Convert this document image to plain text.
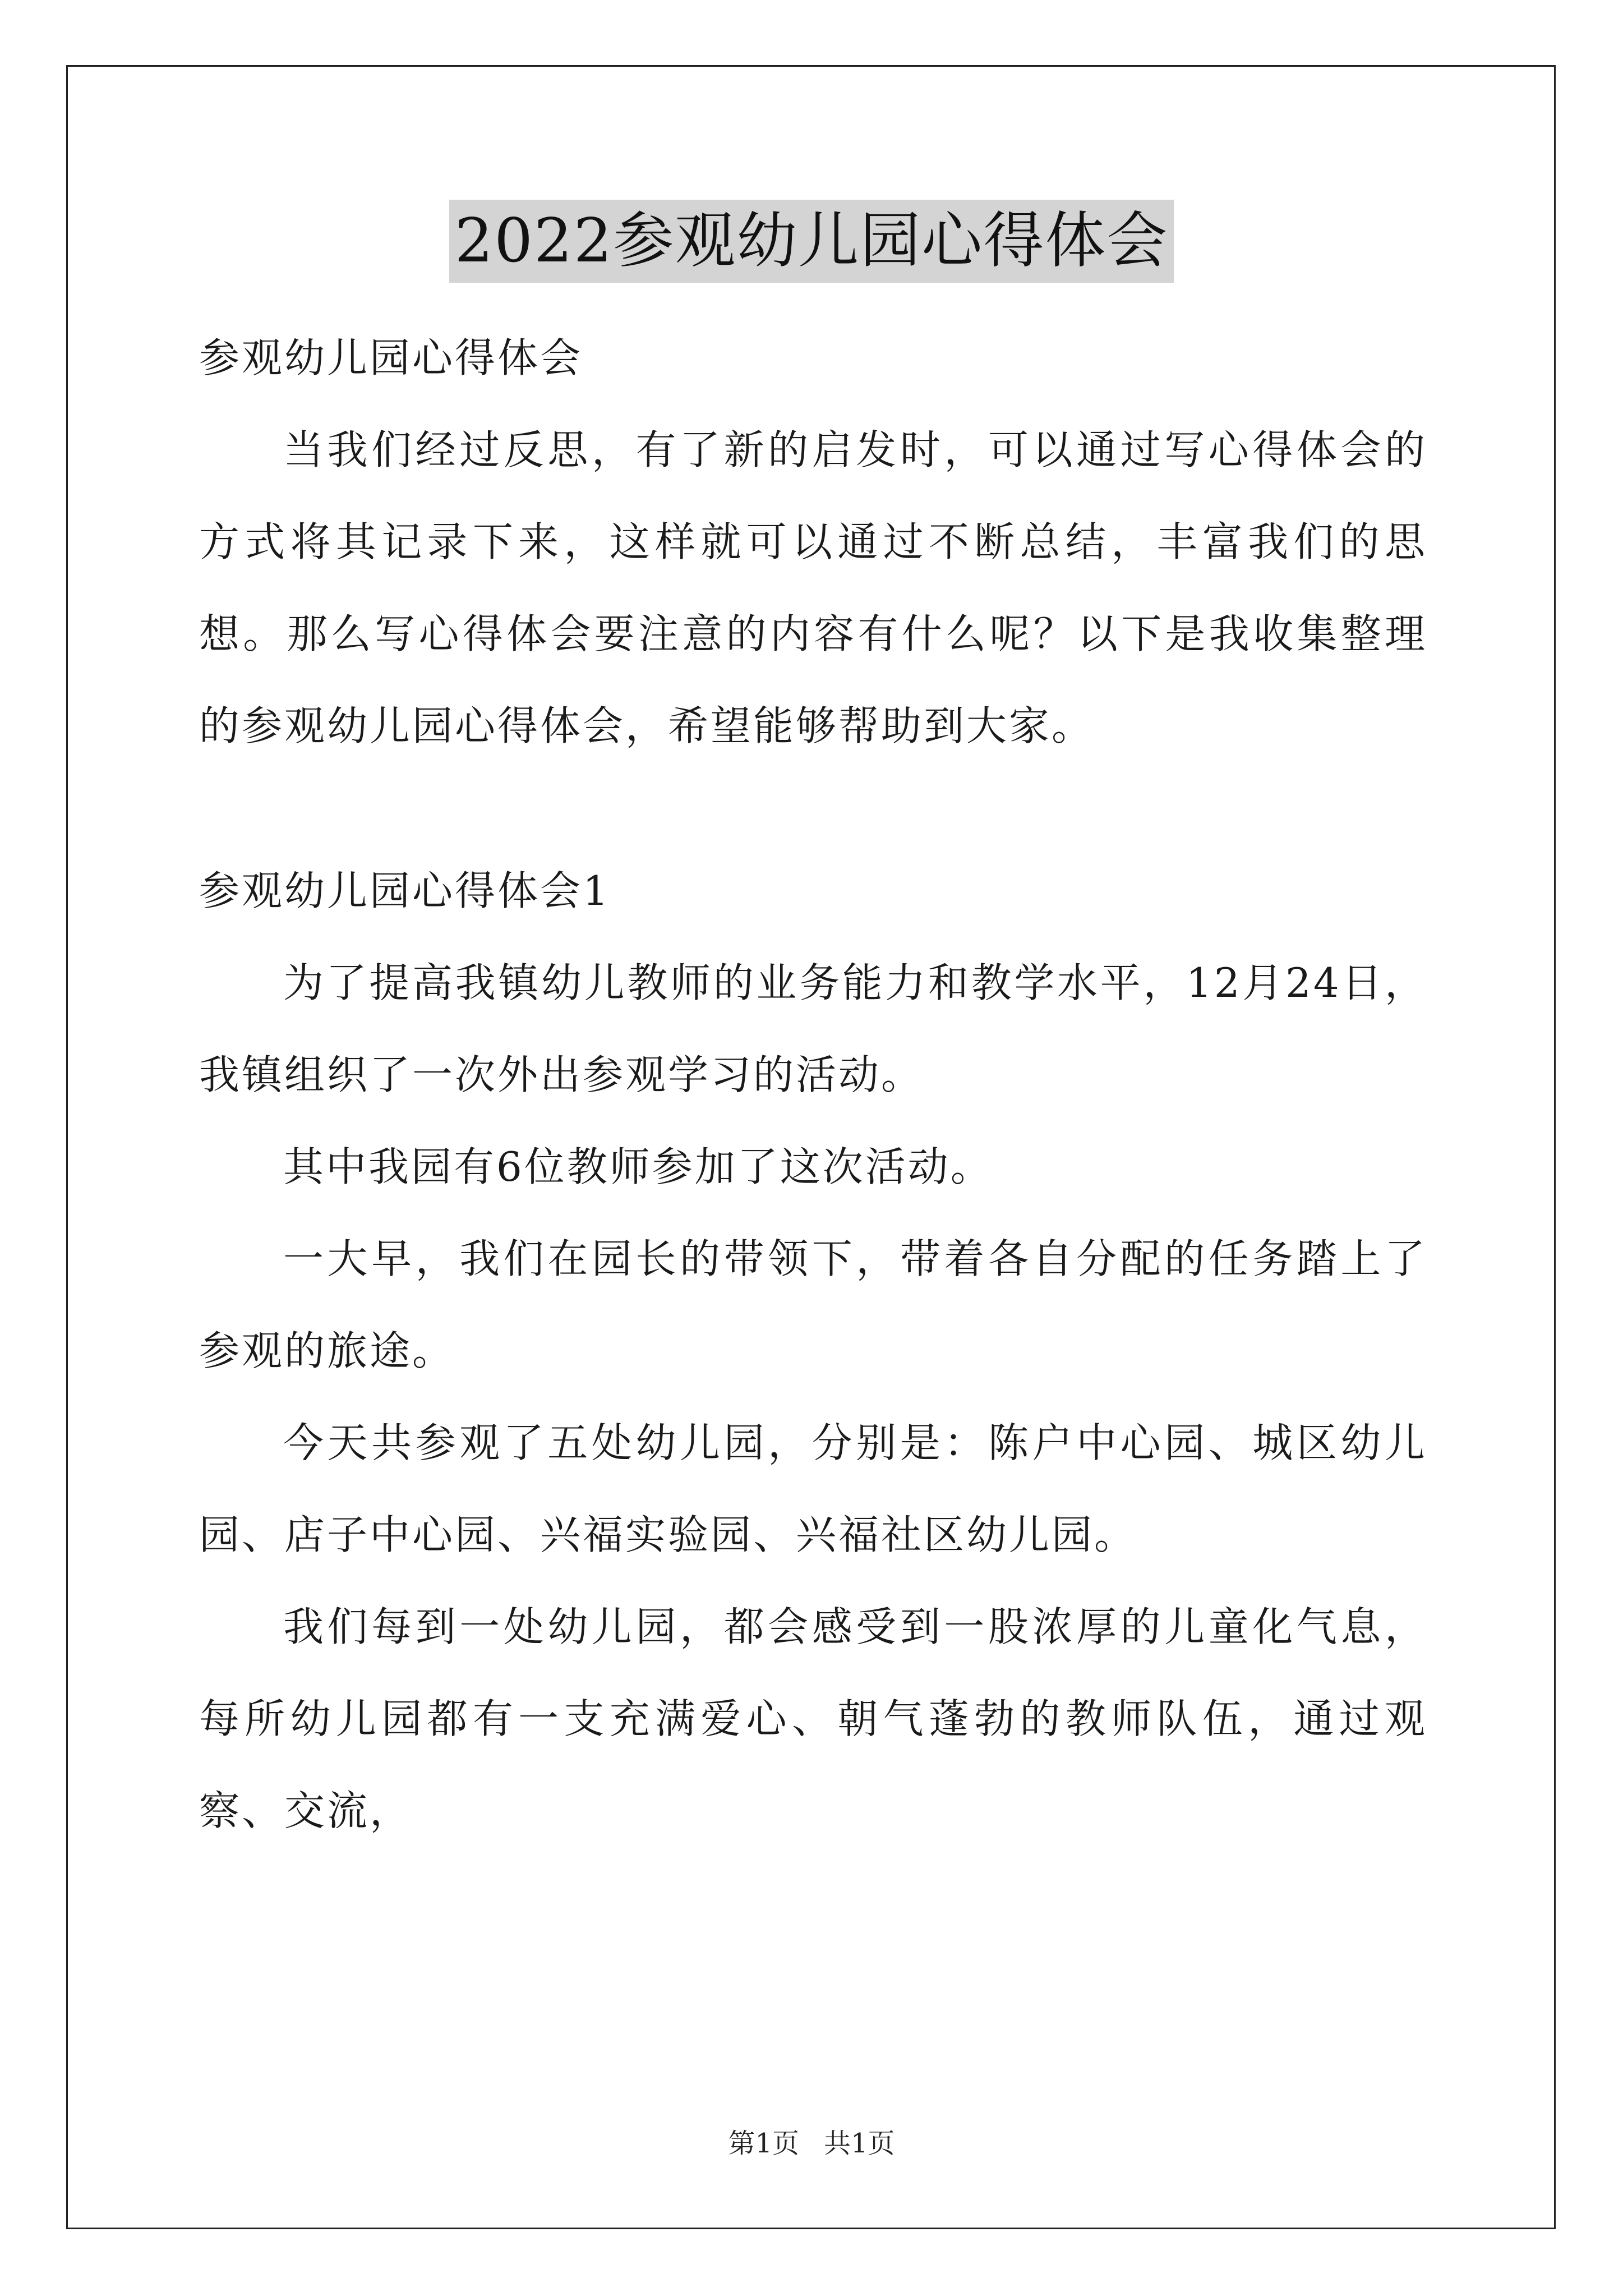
2022参观幼儿园心得体会

参观幼儿园心得体会

当我们经过反思，有了新的启发时，可以通过写心得体会的方式将其记录下来，这样就可以通过不断总结，丰富我们的思想。那么写心得体会要注意的内容有什么呢？以下是我收集整理的参观幼儿园心得体会，希望能够帮助到大家。

参观幼儿园心得体会1

为了提高我镇幼儿教师的业务能力和教学水平，12月24日，我镇组织了一次外出参观学习的活动。

其中我园有6位教师参加了这次活动。

一大早，我们在园长的带领下，带着各自分配的任务踏上了参观的旅途。

今天共参观了五处幼儿园，分别是：陈户中心园、城区幼儿园、店子中心园、兴福实验园、兴福社区幼儿园。

我们每到一处幼儿园，都会感受到一股浓厚的儿童化气息，每所幼儿园都有一支充满爱心、朝气蓬勃的教师队伍，通过观察、交流，

第1页 共1页
